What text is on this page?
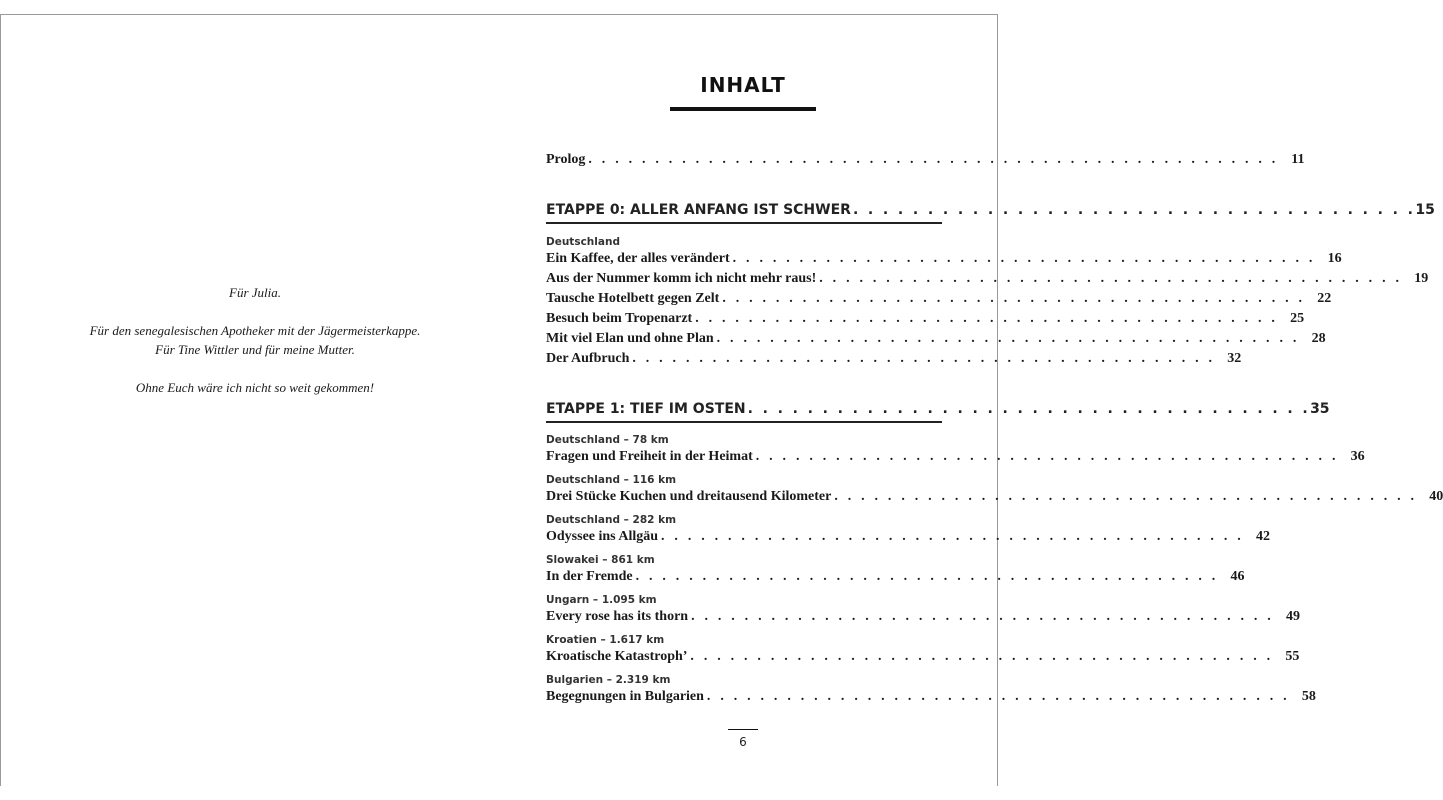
Für Julia.
Für den senegalesischen Apotheker mit der Jägermeisterkappe.
Für Tine Wittler und für meine Mutter.
Ohne Euch wäre ich nicht so weit gekommen!
INHALT
Prolog . . . . . . . . . . . . . . . . . . . . . . . . . . . . . . . . . . . . . . . . . . . . . . . . . . . . 11
ETAPPE 0: ALLER ANFANG IST SCHWER . . . . . . . . . . . . . . . . . . . . . . . . . . . . . . . . . . . . . . 15
Deutschland
Ein Kaffee, der alles verändert . . . . . . . . . . . . . . . . . . . . . . . . . . . . . . . . . . . . . . . . . . . . 16
Aus der Nummer komm ich nicht mehr raus! . . . . . . . . . . . . . . . . . . . . . . . . . . . . . . . . . . . . . . . . . . . . 19
Tausche Hotelbett gegen Zelt . . . . . . . . . . . . . . . . . . . . . . . . . . . . . . . . . . . . . . . . . . . . 22
Besuch beim Tropenarzt . . . . . . . . . . . . . . . . . . . . . . . . . . . . . . . . . . . . . . . . . . . . 25
Mit viel Elan und ohne Plan . . . . . . . . . . . . . . . . . . . . . . . . . . . . . . . . . . . . . . . . . . . . 28
Der Aufbruch . . . . . . . . . . . . . . . . . . . . . . . . . . . . . . . . . . . . . . . . . . . . 32
ETAPPE 1: TIEF IM OSTEN . . . . . . . . . . . . . . . . . . . . . . . . . . . . . . . . . . . . . . 35
Deutschland – 78 km
Fragen und Freiheit in der Heimat . . . . . . . . . . . . . . . . . . . . . . . . . . . . . . . . . . . . . . . . . . . . 36
Deutschland – 116 km
Drei Stücke Kuchen und dreitausend Kilometer . . . . . . . . . . . . . . . . . . . . . . . . . . . . . . . . . . . . . . . . . . . . 40
Deutschland – 282 km
Odyssee ins Allgäu . . . . . . . . . . . . . . . . . . . . . . . . . . . . . . . . . . . . . . . . . . . . 42
Slowakei – 861 km
In der Fremde . . . . . . . . . . . . . . . . . . . . . . . . . . . . . . . . . . . . . . . . . . . . 46
Ungarn – 1.095 km
Every rose has its thorn . . . . . . . . . . . . . . . . . . . . . . . . . . . . . . . . . . . . . . . . . . . . 49
Kroatien – 1.617 km
Kroatische Katastroph’ . . . . . . . . . . . . . . . . . . . . . . . . . . . . . . . . . . . . . . . . . . . . 55
Bulgarien – 2.319 km
Begegnungen in Bulgarien . . . . . . . . . . . . . . . . . . . . . . . . . . . . . . . . . . . . . . . . . . . . 58
6
